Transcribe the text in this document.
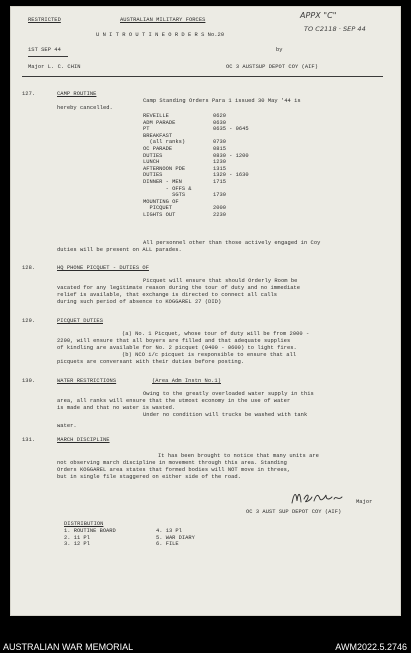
RESTRICTED	AUSTRALIAN MILITARY FORCES	APPX "C"
TO C2118 · SEP 44
U N I T R O U T I N E O R D E R S No.20
1ST SEP 44	by
Major L. C. CHIN	OC 3 AUSTSUP DEPOT COY (AIF)
127.	CAMP ROUTINE
Camp Standing Orders Para 1 issued 30 May '44 is
hereby cancelled.
REVEILLE	0620
ADM PARADE	0630
PT	0635 - 0645
BREAKFAST
(all ranks)	0730
OC PARADE	0815
DUTIES	0830 - 1200
LUNCH	1230
AFTERNOON PDE	1315
DUTIES	1320 - 1630
DINNER - MEN	1715
- OFFS &
SGTS	1730
MOUNTING OF
PICQUET	2000
LIGHTS OUT	2230
All personnel other than those actively engaged in Coy
duties will be present on ALL parades.
128.	HQ PHONE PICQUET - DUTIES OF
Picquet will ensure that should Orderly Room be
vacated for any legitimate reason during the tour of duty and no immediate
relief is available, that exchange is directed to connect all calls
during such period of absence to KOGGAREL 27 (DID)
129.	PICQUET DUTIES
(a) No. 1 Picquet, whose tour of duty will be from 2000 -
2200, will ensure that all boyers are filled and that adequate supplies
of kindling are available for No. 2 picquet (0400 - 0600) to light fires.
(b) NCO i/c picquet is responsible to ensure that all
picquets are conversant with their duties before posting.
130.	WATER RESTRICTIONS	(Area Adm Instn No.1)
Owing to the greatly overloaded water supply in this
area, all ranks will ensure that the utmost economy in the use of water
is made and that no water is wasted.
Under no condition will trucks be washed with tank
water.
131.	MARCH DISCIPLINE
It has been brought to notice that many units are
not observing march discipline in movement through this area. Standing
Orders KOGGAREL area states that formed bodies will NOT move in threes,
but in single file staggered on either side of the road.
Major
OC 3 AUST SUP DEPOT COY (AIF)
DISTRIBUTION
1. ROUTINE BOARD
2. 11 Pl
3. 12 Pl
4. 13 Pl
5. WAR DIARY
6. FILE
AUSTRALIAN WAR MEMORIAL	AWM2022.5.2746
